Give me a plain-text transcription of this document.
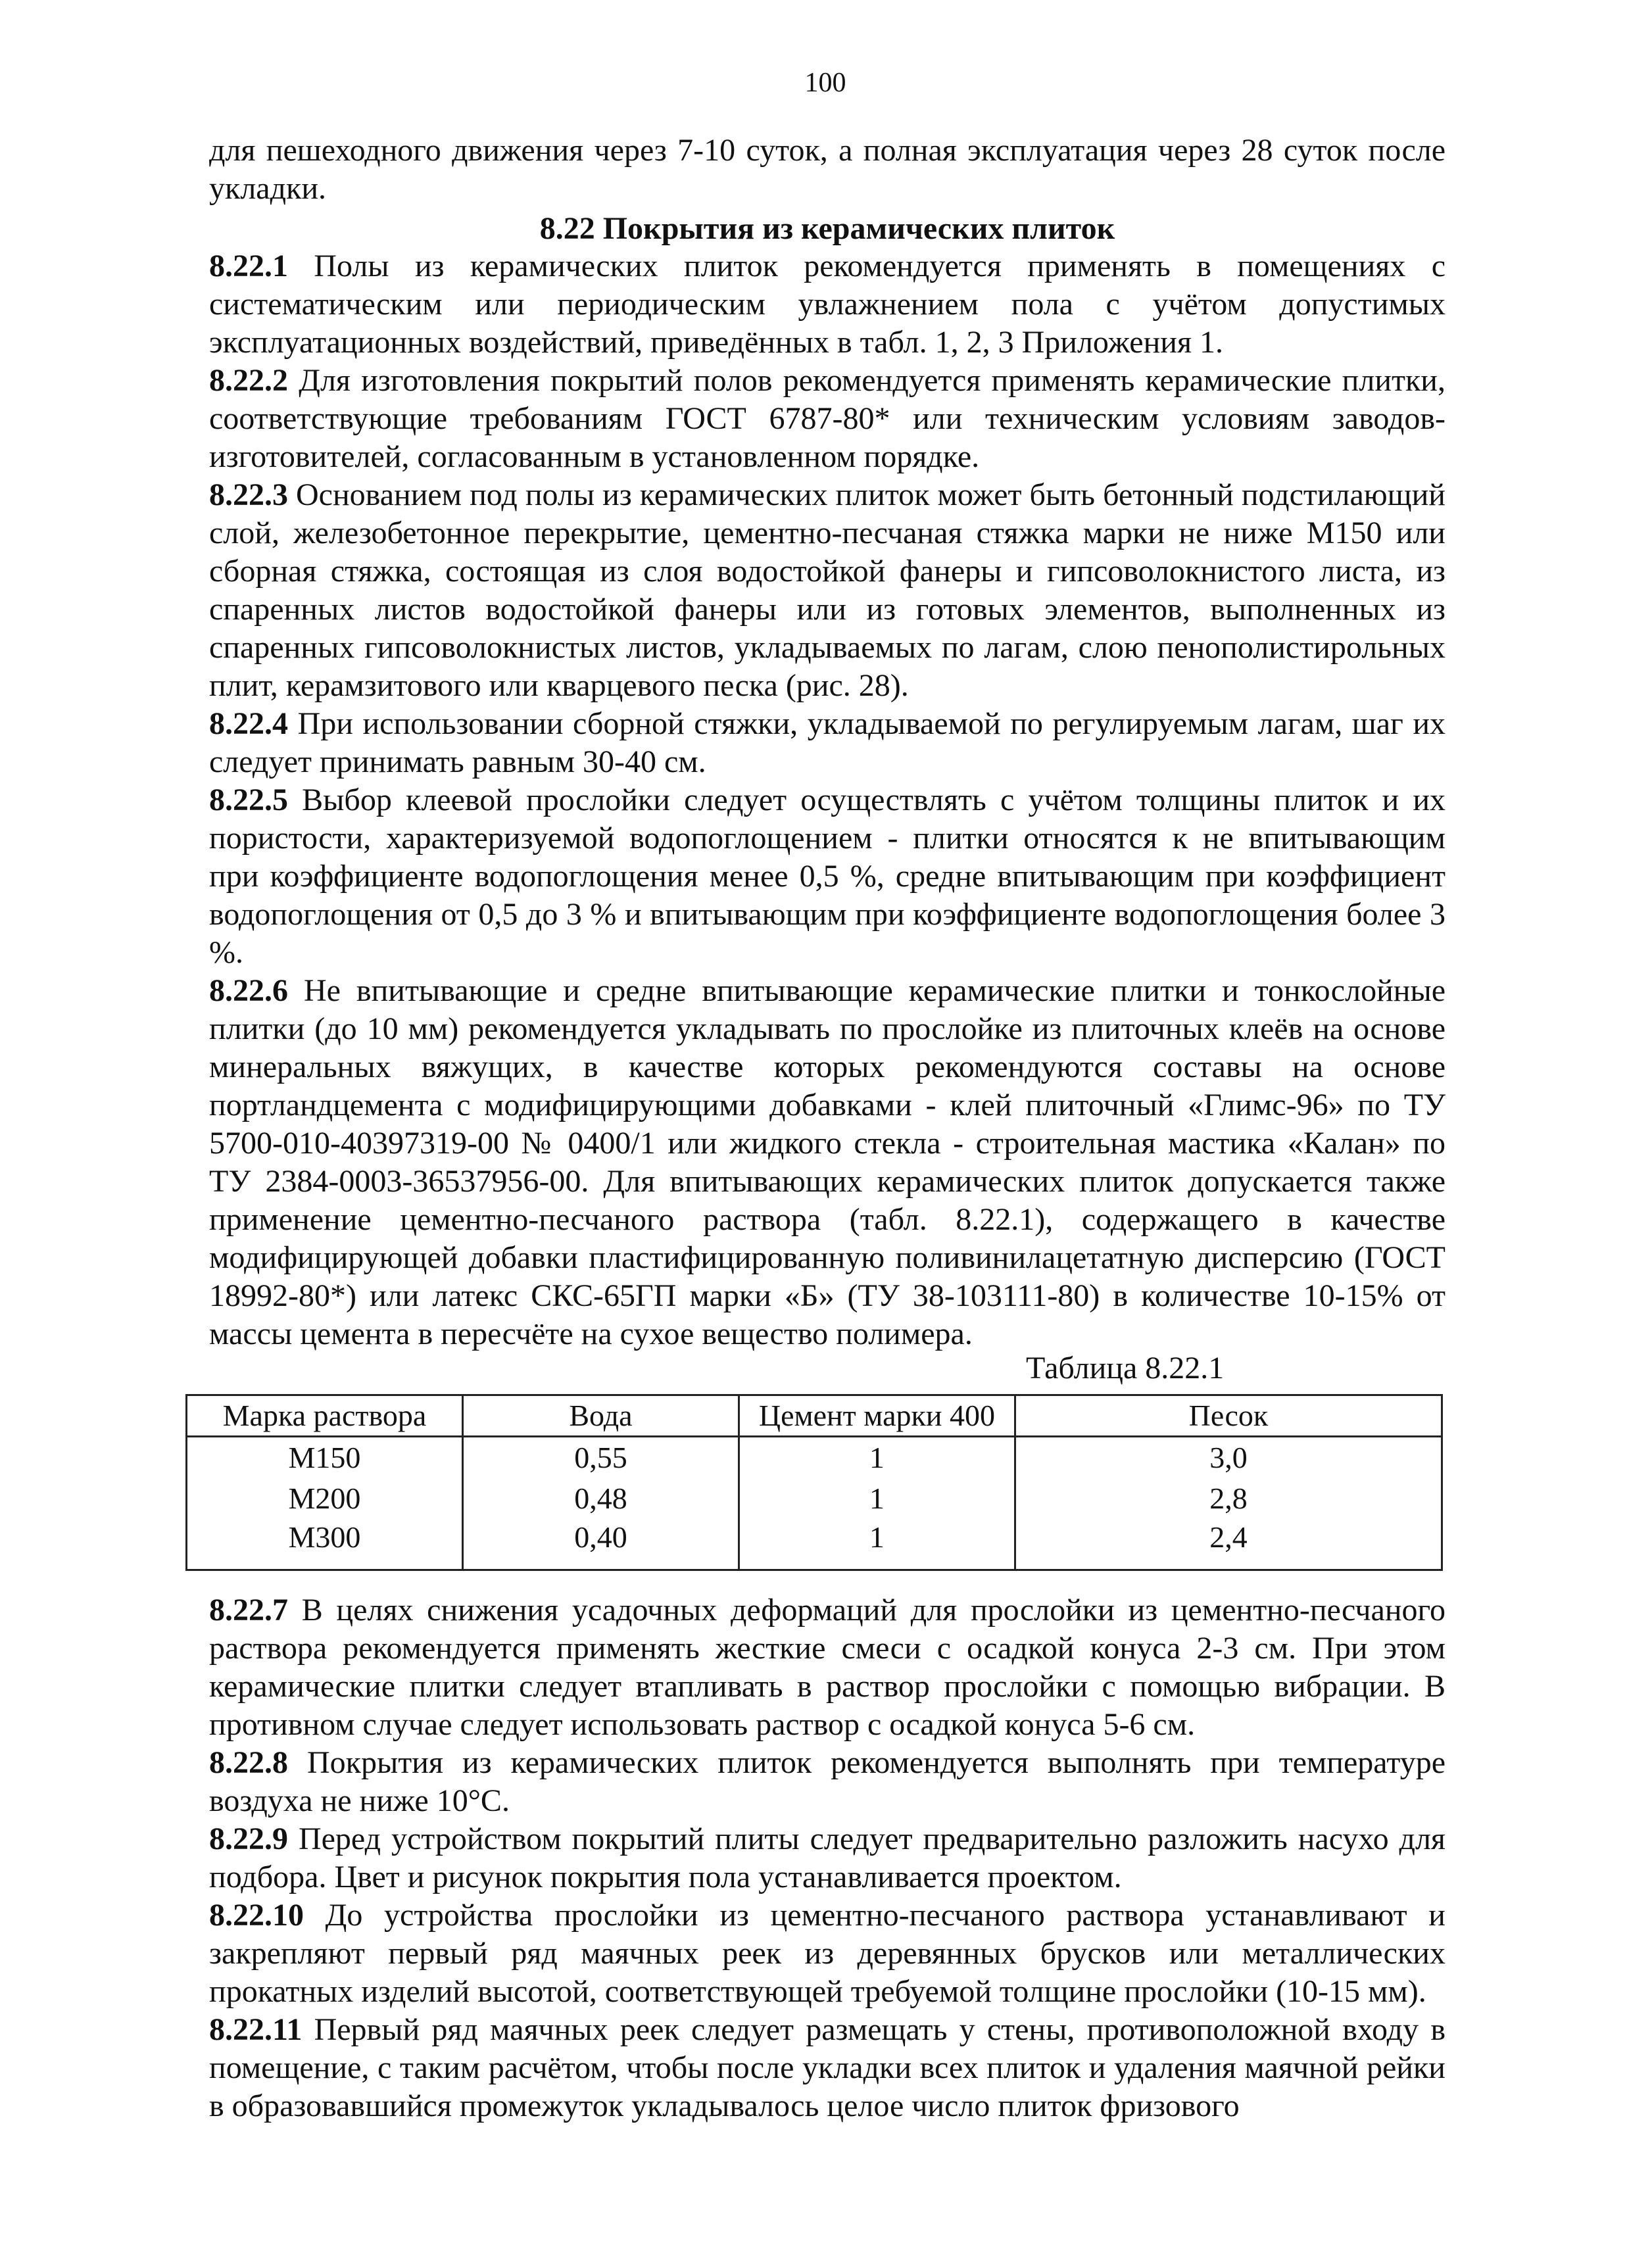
100

для пешеходного движения через 7-10 суток, а полная эксплуатация через 28 суток после укладки.

8.22 Покрытия из керамических плиток

8.22.1 Полы из керамических плиток рекомендуется применять в помещениях с систематическим или периодическим увлажнением пола с учётом допустимых эксплуатационных воздействий, приведённых в табл. 1, 2, 3 Приложения 1.

8.22.2 Для изготовления покрытий полов рекомендуется применять керамические плитки, соответствующие требованиям ГОСТ 6787-80* или техническим условиям заводов-изготовителей, согласованным в установленном порядке.

8.22.3 Основанием под полы из керамических плиток может быть бетонный подстилающий слой, железобетонное перекрытие, цементно-песчаная стяжка марки не ниже М150 или сборная стяжка, состоящая из слоя водостойкой фанеры и гипсоволокнистого листа, из спаренных листов водостойкой фанеры или из готовых элементов, выполненных из спаренных гипсоволокнистых листов, укладываемых по лагам, слою пенополистирольных плит, керамзитового или кварцевого песка (рис. 28).

8.22.4 При использовании сборной стяжки, укладываемой по регулируемым лагам, шаг их следует принимать равным 30-40 см.

8.22.5 Выбор клеевой прослойки следует осуществлять с учётом толщины плиток и их пористости, характеризуемой водопоглощением - плитки относятся к не впитывающим при коэффициенте водопоглощения менее 0,5 %, средне впитывающим при коэффициент водопоглощения от 0,5 до 3 % и впитывающим при коэффициенте водопоглощения более 3 %.

8.22.6 Не впитывающие и средне впитывающие керамические плитки и тонкослойные плитки (до 10 мм) рекомендуется укладывать по прослойке из плиточных клеёв на основе минеральных вяжущих, в качестве которых рекомендуются составы на основе портландцемента с модифицирующими добавками - клей плиточный «Глимс-96» по ТУ 5700-010-40397319-00 № 0400/1 или жидкого стекла - строительная мастика «Калан» по ТУ 2384-0003-36537956-00. Для впитывающих керамических плиток допускается также применение цементно-песчаного раствора (табл. 8.22.1), содержащего в качестве модифицирующей добавки пластифицированную поливинилацетатную дисперсию (ГОСТ 18992-80*) или латекс СКС-65ГП марки «Б» (ТУ 38-103111-80) в количестве 10-15% от массы цемента в пересчёте на сухое вещество полимера.

Таблица 8.22.1
Марка раствора	Вода	Цемент марки 400	Песок
М150	0,55	1	3,0
М200	0,48	1	2,8
М300	0,40	1	2,4

8.22.7 В целях снижения усадочных деформаций для прослойки из цементно-песчаного раствора рекомендуется применять жесткие смеси с осадкой конуса 2-3 см. При этом керамические плитки следует втапливать в раствор прослойки с помощью вибрации. В противном случае следует использовать раствор с осадкой конуса 5-6 см.

8.22.8 Покрытия из керамических плиток рекомендуется выполнять при температуре воздуха не ниже 10°С.

8.22.9 Перед устройством покрытий плиты следует предварительно разложить насухо для подбора. Цвет и рисунок покрытия пола устанавливается проектом.

8.22.10 До устройства прослойки из цементно-песчаного раствора устанавливают и закрепляют первый ряд маячных реек из деревянных брусков или металлических прокатных изделий высотой, соответствующей требуемой толщине прослойки (10-15 мм).

8.22.11 Первый ряд маячных реек следует размещать у стены, противоположной входу в помещение, с таким расчётом, чтобы после укладки всех плиток и удаления маячной рейки в образовавшийся промежуток укладывалось целое число плиток фризового
